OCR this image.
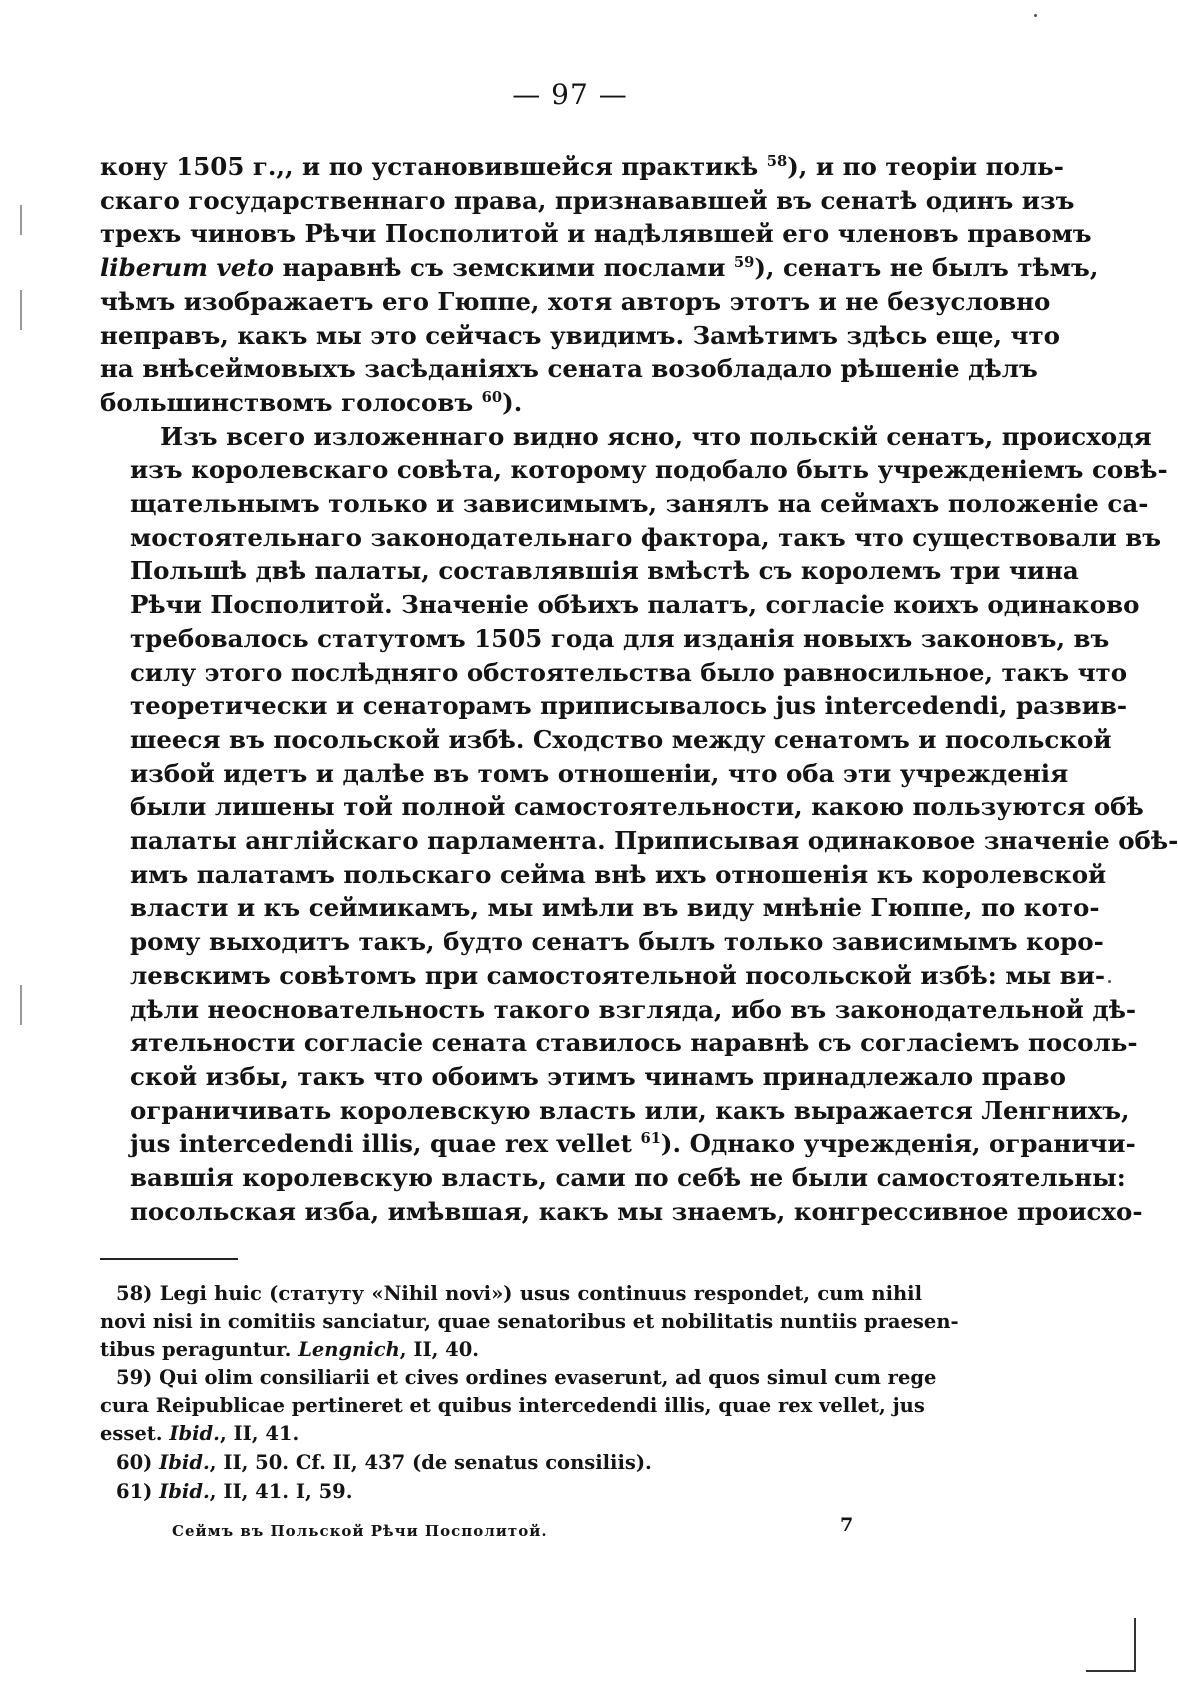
— 97 —

кону 1505 г.,, и по установившейся практикѣ $^{58}$), и по теоріи поль-
скаго государственнаго права, признававшей въ сенатѣ одинъ изъ
трехъ чиновъ Рѣчи Посполитой и надѣлявшей его членовъ правомъ
liberum veto наравнѣ съ земскими послами $^{59}$), сенатъ не былъ тѣмъ,
чѣмъ изображаетъ его Гюппе, хотя авторъ этотъ и не безусловно
неправъ, какъ мы это сейчасъ увидимъ. Замѣтимъ здѣсь еще, что
на внѣсеймовыхъ засѣданіяхъ сената возобладало рѣшеніе дѣлъ
большинствомъ голосовъ $^{60}$).

Изъ всего изложеннаго видно ясно, что польскій сенатъ, происходя
изъ королевскаго совѣта, которому подобало быть учрежденіемъ совѣ-
щательнымъ только и зависимымъ, занялъ на сеймахъ положеніе са-
мостоятельнаго законодательнаго фактора, такъ что существовали въ
Польшѣ двѣ палаты, составлявшія вмѣстѣ съ королемъ три чина
Рѣчи Посполитой. Значеніе обѣихъ палатъ, согласіе коихъ одинаково
требовалось статутомъ 1505 года для изданія новыхъ законовъ, въ
силу этого послѣдняго обстоятельства было равносильное, такъ что
теоретически и сенаторамъ приписывалось jus intercedendi, развив-
шееся въ посольской избѣ. Сходство между сенатомъ и посольской
избой идетъ и далѣе въ томъ отношеніи, что оба эти учрежденія
были лишены той полной самостоятельности, какою пользуются обѣ
палаты англійскаго парламента. Приписывая одинаковое значеніе обѣ-
имъ палатамъ польскаго сейма внѣ ихъ отношенія къ королевской
власти и къ сеймикамъ, мы имѣли въ виду мнѣніе Гюппе, по кото-
рому выходитъ такъ, будто сенатъ былъ только зависимымъ коро-
левскимъ совѣтомъ при самостоятельной посольской избѣ: мы ви-
дѣли неосновательность такого взгляда, ибо въ законодательной дѣ-
ятельности согласіе сената ставилось наравнѣ съ согласіемъ посоль-
ской избы, такъ что обоимъ этимъ чинамъ принадлежало право
ограничивать королевскую власть или, какъ выражается Ленгнихъ,
jus intercedendi illis, quae rex vellet $^{61}$). Однако учрежденія, ограничи-
вавшія королевскую власть, сами по себѣ не были самостоятельны:
посольская изба, имѣвшая, какъ мы знаемъ, конгрессивное происхо-

58) Legi huic (статуту «Nihil novi») usus continuus respondet, cum nihil
novi nisi in comitiis sanciatur, quae senatoribus et nobilitatis nuntiis praesen-
tibus peraguntur. Lengnich, II, 40.
59) Qui olim consiliarii et cives ordines evaserunt, ad quos simul cum rege
cura Reipublicae pertineret et quibus intercedendi illis, quae rex vellet, jus
esset. Ibid., II, 41.
60) Ibid., II, 50. Cf. II, 437 (de senatus consiliis).
61) Ibid., II, 41. I, 59.
Сеймъ въ Польской Рѣчи Посполитой.	7
